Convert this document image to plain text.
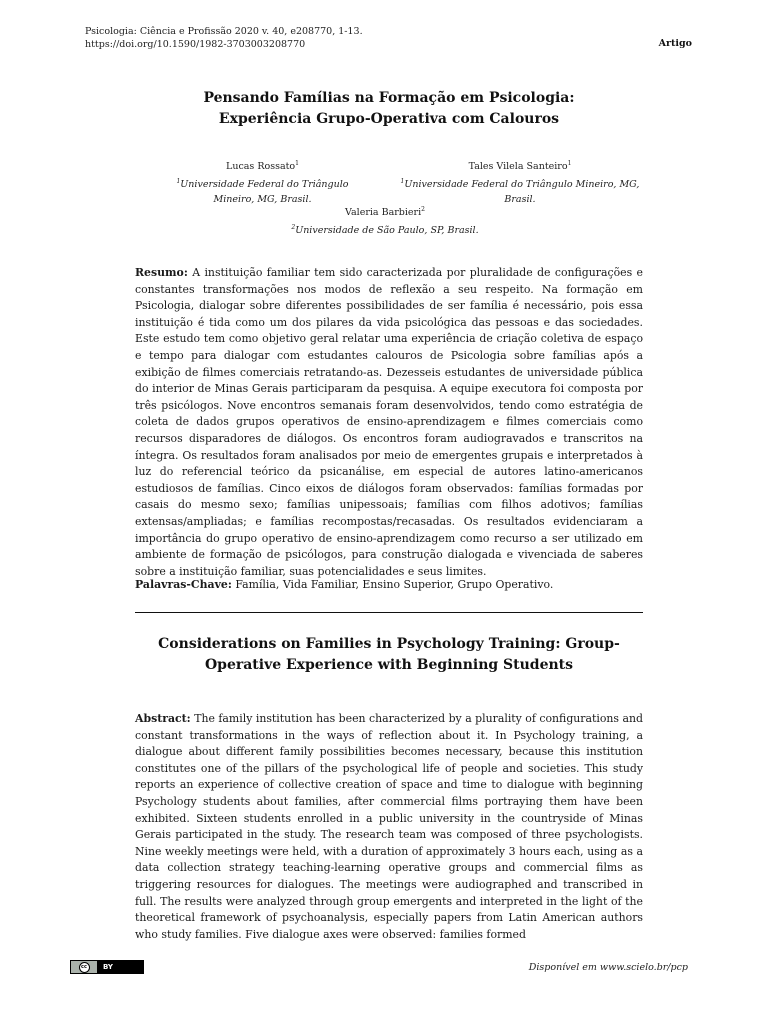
Psicologia: Ciência e Profissão 2020 v. 40, e208770, 1-13.
https://doi.org/10.1590/1982-3703003208770	Artigo
Pensando Famílias na Formação em Psicologia:
Experiência Grupo-Operativa com Calouros
Lucas Rossato$^1$
$^1$Universidade Federal do Triângulo Mineiro, MG, Brasil.
Tales Vilela Santeiro$^1$
$^1$Universidade Federal do Triângulo Mineiro, MG, Brasil.
Valeria Barbieri$^2$
$^2$Universidade de São Paulo, SP, Brasil.
Resumo: A instituição familiar tem sido caracterizada por pluralidade de configurações e constantes transformações nos modos de reflexão a seu respeito. Na formação em Psicologia, dialogar sobre diferentes possibilidades de ser família é necessário, pois essa instituição é tida como um dos pilares da vida psicológica das pessoas e das sociedades. Este estudo tem como objetivo geral relatar uma experiência de criação coletiva de espaço e tempo para dialogar com estudantes calouros de Psicologia sobre famílias após a exibição de filmes comerciais retratando-as. Dezesseis estudantes de universidade pública do interior de Minas Gerais participaram da pesquisa. A equipe executora foi composta por três psicólogos. Nove encontros semanais foram desenvolvidos, tendo como estratégia de coleta de dados grupos operativos de ensino-aprendizagem e filmes comerciais como recursos disparadores de diálogos. Os encontros foram audiogravados e transcritos na íntegra. Os resultados foram analisados por meio de emergentes grupais e interpretados à luz do referencial teórico da psicanálise, em especial de autores latino-americanos estudiosos de famílias. Cinco eixos de diálogos foram observados: famílias formadas por casais do mesmo sexo; famílias unipessoais; famílias com filhos adotivos; famílias extensas/ampliadas; e famílias recompostas/recasadas. Os resultados evidenciaram a importância do grupo operativo de ensino-aprendizagem como recurso a ser utilizado em ambiente de formação de psicólogos, para construção dialogada e vivenciada de saberes sobre a instituição familiar, suas potencialidades e seus limites.
Palavras-Chave: Família, Vida Familiar, Ensino Superior, Grupo Operativo.
Considerations on Families in Psychology Training: Group-
Operative Experience with Beginning Students
Abstract: The family institution has been characterized by a plurality of configurations and constant transformations in the ways of reflection about it. In Psychology training, a dialogue about different family possibilities becomes necessary, because this institution constitutes one of the pillars of the psychological life of people and societies. This study reports an experience of collective creation of space and time to dialogue with beginning Psychology students about families, after commercial films portraying them have been exhibited. Sixteen students enrolled in a public university in the countryside of Minas Gerais participated in the study. The research team was composed of three psychologists. Nine weekly meetings were held, with a duration of approximately 3 hours each, using as a data collection strategy teaching-learning operative groups and commercial films as triggering resources for dialogues. The meetings were audiographed and transcribed in full. The results were analyzed through group emergents and interpreted in the light of the theoretical framework of psychoanalysis, especially papers from Latin American authors who study families. Five dialogue axes were observed: families formed
cc	BY	Disponível em www.scielo.br/pcp
